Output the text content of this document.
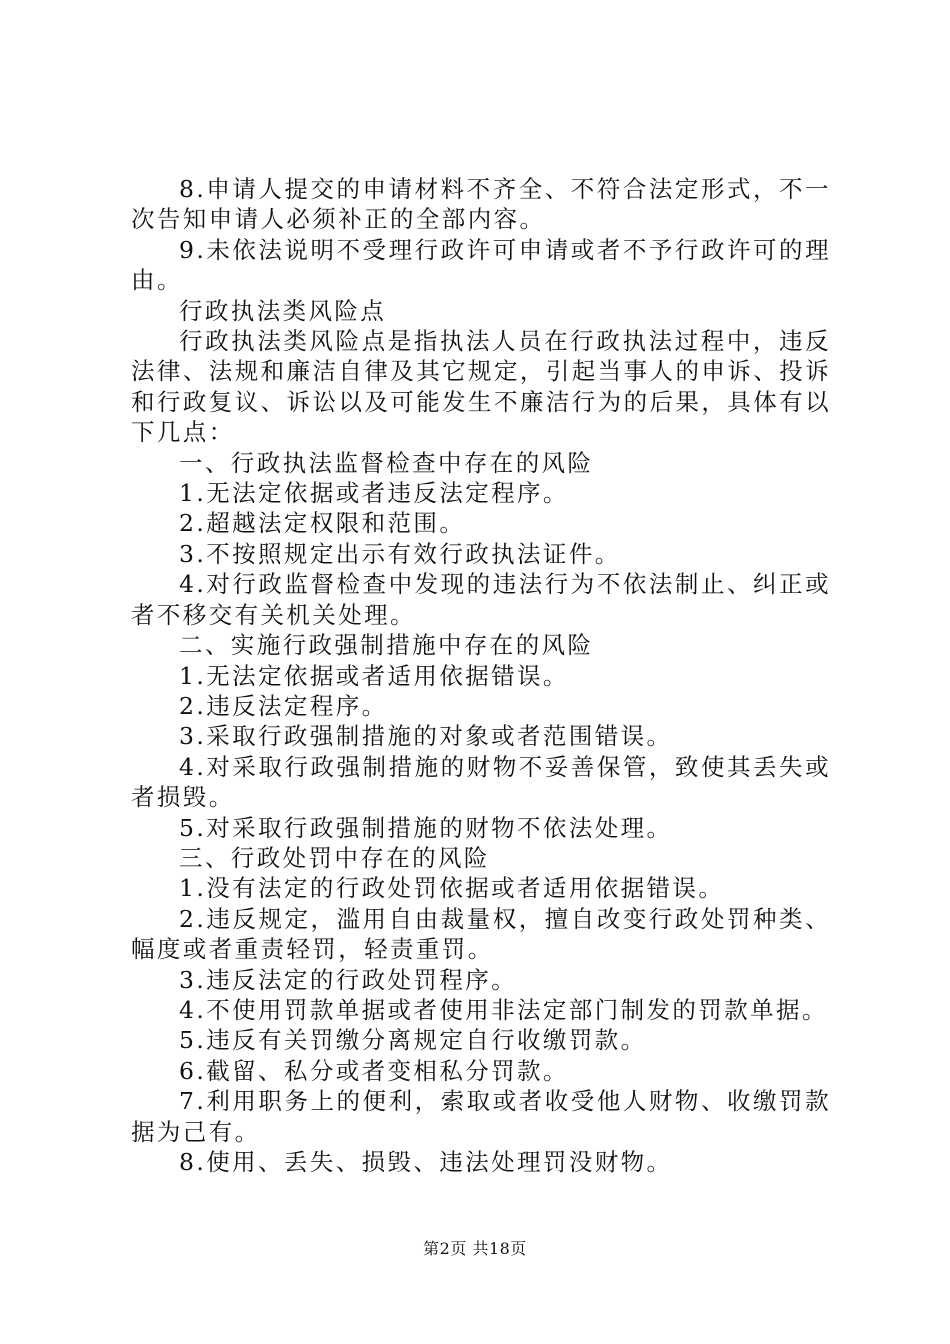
8.申请人提交的申请材料不齐全、不符合法定形式，不一次告知申请人必须补正的全部内容。

9.未依法说明不受理行政许可申请或者不予行政许可的理由。

行政执法类风险点

行政执法类风险点是指执法人员在行政执法过程中，违反法律、法规和廉洁自律及其它规定，引起当事人的申诉、投诉和行政复议、诉讼以及可能发生不廉洁行为的后果，具体有以下几点：

一、行政执法监督检查中存在的风险

1.无法定依据或者违反法定程序。

2.超越法定权限和范围。

3.不按照规定出示有效行政执法证件。

4.对行政监督检查中发现的违法行为不依法制止、纠正或者不移交有关机关处理。

二、实施行政强制措施中存在的风险

1.无法定依据或者适用依据错误。

2.违反法定程序。

3.采取行政强制措施的对象或者范围错误。

4.对采取行政强制措施的财物不妥善保管，致使其丢失或者损毁。

5.对采取行政强制措施的财物不依法处理。

三、行政处罚中存在的风险

1.没有法定的行政处罚依据或者适用依据错误。

2.违反规定，滥用自由裁量权，擅自改变行政处罚种类、幅度或者重责轻罚，轻责重罚。

3.违反法定的行政处罚程序。

4.不使用罚款单据或者使用非法定部门制发的罚款单据。

5.违反有关罚缴分离规定自行收缴罚款。

6.截留、私分或者变相私分罚款。

7.利用职务上的便利，索取或者收受他人财物、收缴罚款据为己有。

8.使用、丢失、损毁、违法处理罚没财物。

第2页 共18页
